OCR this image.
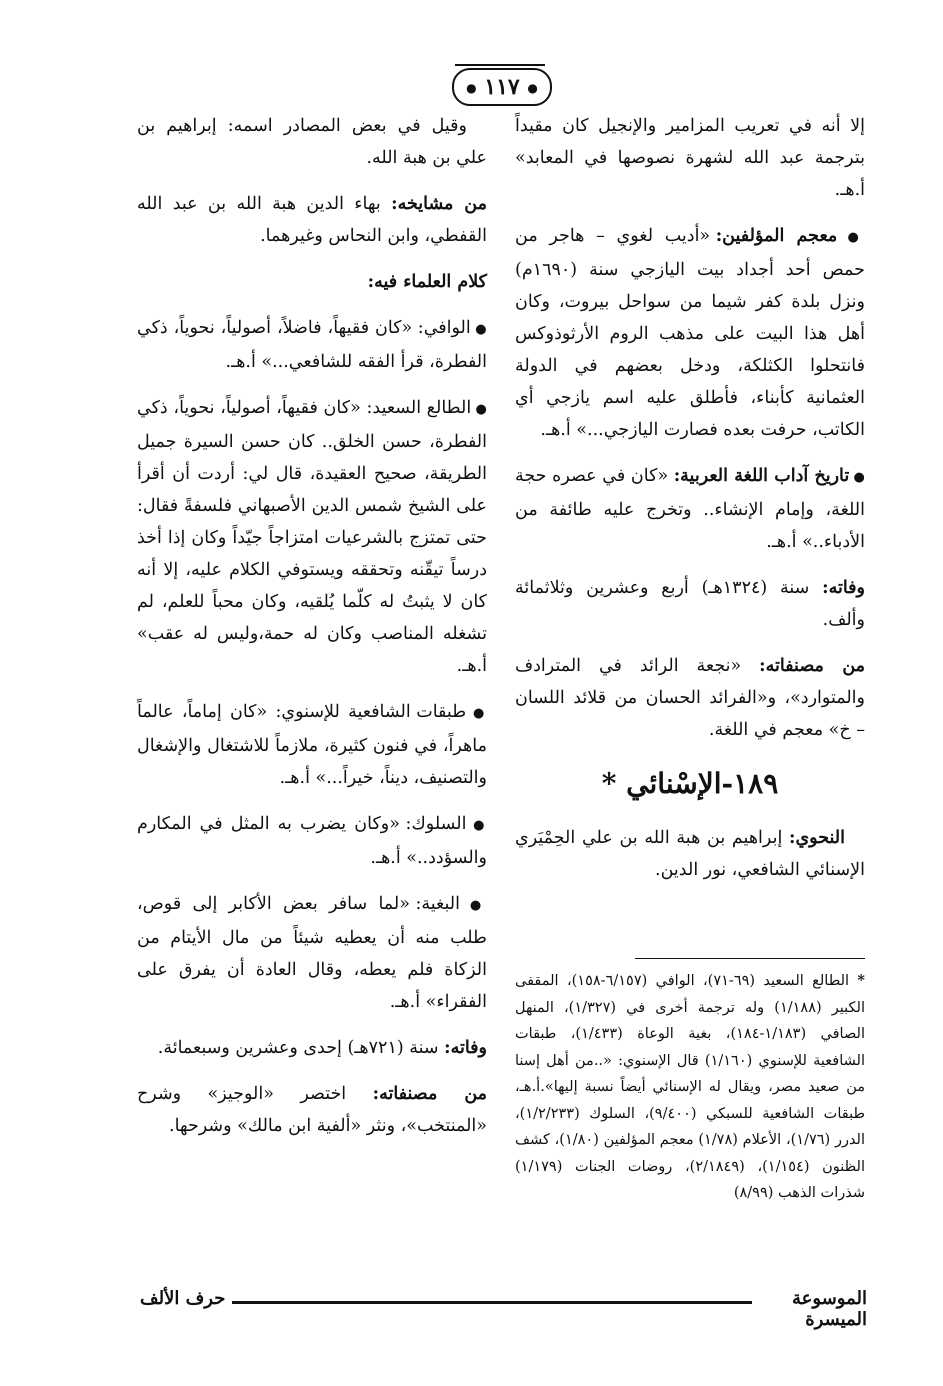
● ١١٧ ●

إلا أنه في تعريب المزامير والإنجيل كان مقيداً بترجمة عبد الله لشهرة نصوصها في المعابد» أ.هـ.

● معجم المؤلفين: «أديب لغوي – هاجر من حمص أحد أجداد بيت اليازجي سنة (١٦٩٠م) ونزل بلدة كفر شيما من سواحل بيروت، وكان أهل هذا البيت على مذهب الروم الأرثوذوكس فانتحلوا الكثلكة، ودخل بعضهم في الدولة العثمانية كأبناء، فأطلق عليه اسم يازجي أي الكاتب، حرفت بعده فصارت اليازجي...» أ.هـ.

● تاريخ آداب اللغة العربية: «كان في عصره حجة اللغة، وإمام الإنشاء.. وتخرج عليه طائفة من الأدباء..» أ.هـ.

وفاته: سنة (١٣٢٤هـ) أربع وعشرين وثلاثمائة وألف.

من مصنفاته: «نجعة الرائد في المترادف والمتوارد»، و«الفرائد الحسان من قلائد اللسان – خ» معجم في اللغة.

١٨٩-الإسْنائي *

النحوي: إبراهيم بن هبة الله بن علي الحِمْيَري الإسنائي الشافعي، نور الدين.

* الطالع السعيد (٦٩-٧١)، الوافي (٦/١٥٧-١٥٨)، المقفى الكبير (١/١٨٨) وله ترجمة أخرى في (١/٣٢٧)، المنهل الصافي (١/١٨٣-١٨٤)، بغية الوعاة (١/٤٣٣)، طبقات الشافعية للإسنوي (١/١٦٠) قال الإسنوي: «..من أهل إسنا من صعيد مصر، ويقال له الإسنائي أيضاً نسبة إليها».أ.هـ، طبقات الشافعية للسبكي (٩/٤٠٠)، السلوك (١/٢/٢٣٣)، الدرر (١/٧٦)، الأعلام (١/٧٨) معجم المؤلفين (١/٨٠)، كشف الظنون (١/١٥٤)، (٢/١٨٤٩)، روضات الجنات (١/١٧٩) شذرات الذهب (٨/٩٩)

وقيل في بعض المصادر اسمه: إبراهيم بن علي بن هبة الله.

من مشايخه: بهاء الدين هبة الله بن عبد الله القفطي، وابن النحاس وغيرهما.

كلام العلماء فيه:

● الوافي: «كان فقيهاً، فاضلاً، أصولياً، نحوياً، ذكي الفطرة، قرأ الفقه للشافعي...» أ.هـ.

● الطالع السعيد: «كان فقيهاً، أصولياً، نحوياً، ذكي الفطرة، حسن الخلق.. كان حسن السيرة جميل الطريقة، صحيح العقيدة، قال لي: أردت أن أقرأ على الشيخ شمس الدين الأصبهاني فلسفةً فقال: حتى تمتزج بالشرعيات امتزاجاً جيّداً وكان إذا أخذ درساً تيقّنه وتحققه ويستوفي الكلام عليه، إلا أنه كان لا يثبتُ له كلّما يُلقيه، وكان محباً للعلم، لم تشغله المناصب وكان له حمة،وليس له عقب» أ.هـ.

● طبقات الشافعية للإسنوي: «كان إماماً، عالماً ماهراً، في فنون كثيرة، ملازماً للاشتغال والإشغال والتصنيف، ديناً، خيراً...» أ.هـ.

● السلوك: «وكان يضرب به المثل في المكارم والسؤدد..» أ.هـ.

● البغية: «لما سافر بعض الأكابر إلى قوص، طلب منه أن يعطيه شيئاً من مال الأيتام من الزكاة فلم يعطه، وقال العادة أن يفرق على الفقراء» أ.هـ.

وفاته: سنة (٧٢١هـ) إحدى وعشرين وسبعمائة.

من مصنفاته: اختصر «الوجيز» وشرح «المنتخب»، ونثر «ألفية ابن مالك» وشرحها.

الموسوعة الميسرة
حرف الألف
